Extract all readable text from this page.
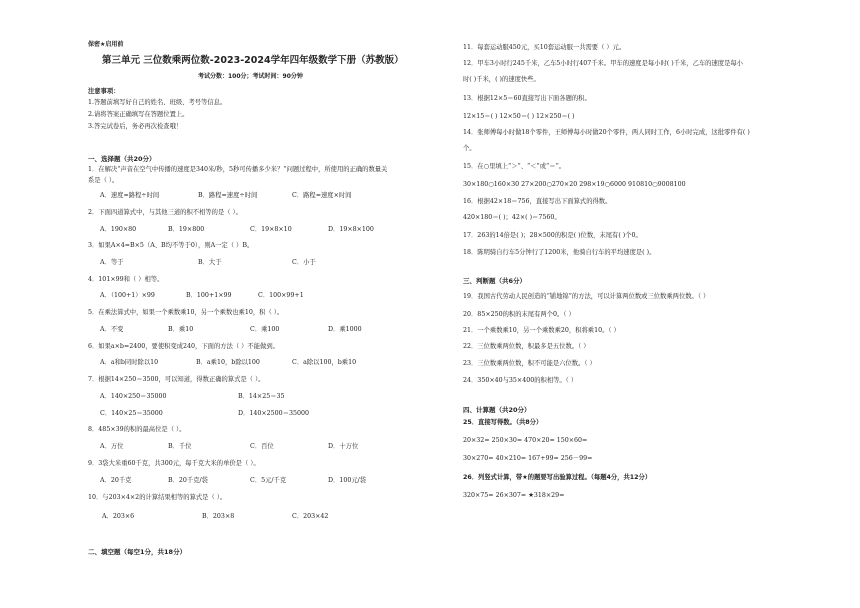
保密★启用前
第三单元 三位数乘两位数-2023-2024学年四年级数学下册（苏教版）
考试分数：100分；考试时间：90分钟
注意事项：
1.答题前填写好自己的姓名、班级、考号等信息。
2.请将答案正确填写在答题位置上。
3.答完试卷后，务必再次检查哦！
一、选择题（共20分）
1．在解决“声音在空气中传播的速度是340米/秒，5秒可传播多少米？”问题过程中，所使用的正确的数量关
系是（ ）。
A．速度=路程÷时间	B．路程=速度÷时间	C．路程=速度×时间
2．下面四道算式中，与其他三道的积不相等的是（ ）。
A．190×80	B．19×800	C．19×8×10	D．19×8×100
3．如果A×4=B×5（A、B均不等于0），则A一定（ ）B。
A．等于	B．大于	C．小于
4．101×99和（ ）相等。
A．（100+1）×99	B．100+1×99	C．100×99+1
5．在乘法算式中，如果一个乘数乘10，另一个乘数也乘10，积（ ）。
A．不变	B．乘10	C．乘100	D．乘1000
6．如果a×b=2400，要使积变成240，下面的方法（ ）不能做到。
A．a和b同时除以10	B．a乘10，b除以100	C．a除以100，b乘10
7．根据14×250＝3500，可以知道，得数正确的算式是（ ）。
A．140×250＝35000	B．14×25＝35
C．140×25＝35000	D．140×2500＝35000
8．485×39的积的最高位是（ ）。
A．万位	B．千位	C．百位	D．十万位
9．3袋大米重60千克，共300元，每千克大米的单价是（ ）。
A．20千克	B．20千克/袋	C．5元/千克	D．100元/袋
10．与203×4×2的计算结果相等的算式是（ ）。
A．203×6	B．203×8	C．203×42
二、填空题（每空1分，共18分）
11．每套运动服450元，买10套运动服一共需要（ ）元。
12．甲车3小时行245千米，乙车5小时行407千米。甲车的速度是每小时( )千米，乙车的速度是每小
时( )千米，( )的速度快些。
13．根据12×5＝60直接写出下面各题的积。
12×15＝( ) 12×50＝( ) 12×250＝( )
14．张师傅每小时做18个零件，王师傅每小时做20个零件，两人同时工作，6小时完成，这批零件有( )
个。
15．在○里填上“＞”、“＜”或“＝”。
30×180○160×30 27×200○270×20 298×19○6000 910810○9008100
16．根据42×18＝756，直接写出下面算式的得数。
420×180＝( )；42×( )＝7560。
17．263的14倍是( )；28×500的积是( )位数，末尾有( )个0。
18．陈明骑自行车5分钟行了1200米，他骑自行车的平均速度是( )。
三、判断题（共6分）
19．我国古代劳动人民创造的“铺地锦”的方法，可以计算两位数或三位数乘两位数。（ ）
20．85×250的积的末尾有两个0。（ ）
21．一个乘数乘10，另一个乘数乘20，积将乘10。（ ）
22．三位数乘两位数，积最多是五位数。（ ）
23．三位数乘两位数，积不可能是六位数。（ ）
24．350×40与35×400的积相等。（ ）
四、计算题（共20分）
25．直接写得数。（共8分）
20×32= 250×30= 470×20= 150×60=
30×270= 40×210= 167+99= 256－99=
26．列竖式计算，带★的题要写出验算过程。（每题4分，共12分）
320×75= 26×307= ★318×29=
